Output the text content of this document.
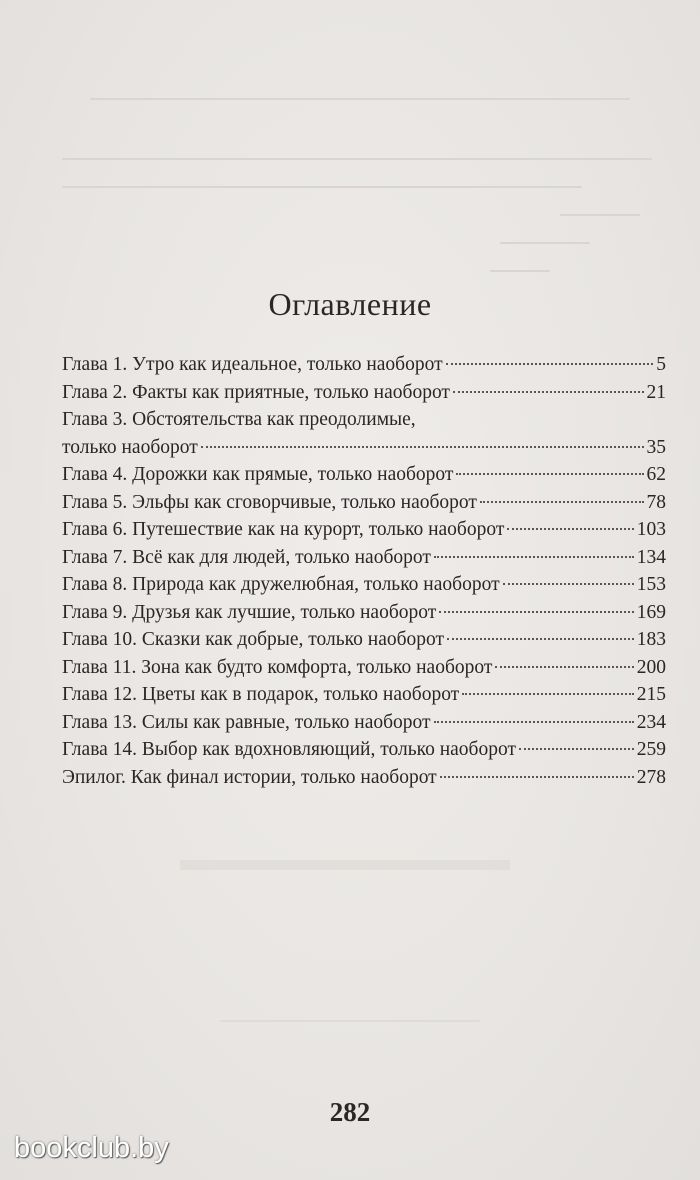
Оглавление
Глава 1. Утро как идеальное, только наоборот	5
Глава 2. Факты как приятные, только наоборот	21
Глава 3. Обстоятельства как преодолимые,
только наоборот	35
Глава 4. Дорожки как прямые, только наоборот	62
Глава 5. Эльфы как сговорчивые, только наоборот	78
Глава 6. Путешествие как на курорт, только наоборот	103
Глава 7. Всё как для людей, только наоборот	134
Глава 8. Природа как дружелюбная, только наоборот	153
Глава 9. Друзья как лучшие, только наоборот	169
Глава 10. Сказки как добрые, только наоборот	183
Глава 11. Зона как будто комфорта, только наоборот	200
Глава 12. Цветы как в подарок, только наоборот	215
Глава 13. Силы как равные, только наоборот	234
Глава 14. Выбор как вдохновляющий, только наоборот	259
Эпилог. Как финал истории, только наоборот	278
282
bookclub.by
